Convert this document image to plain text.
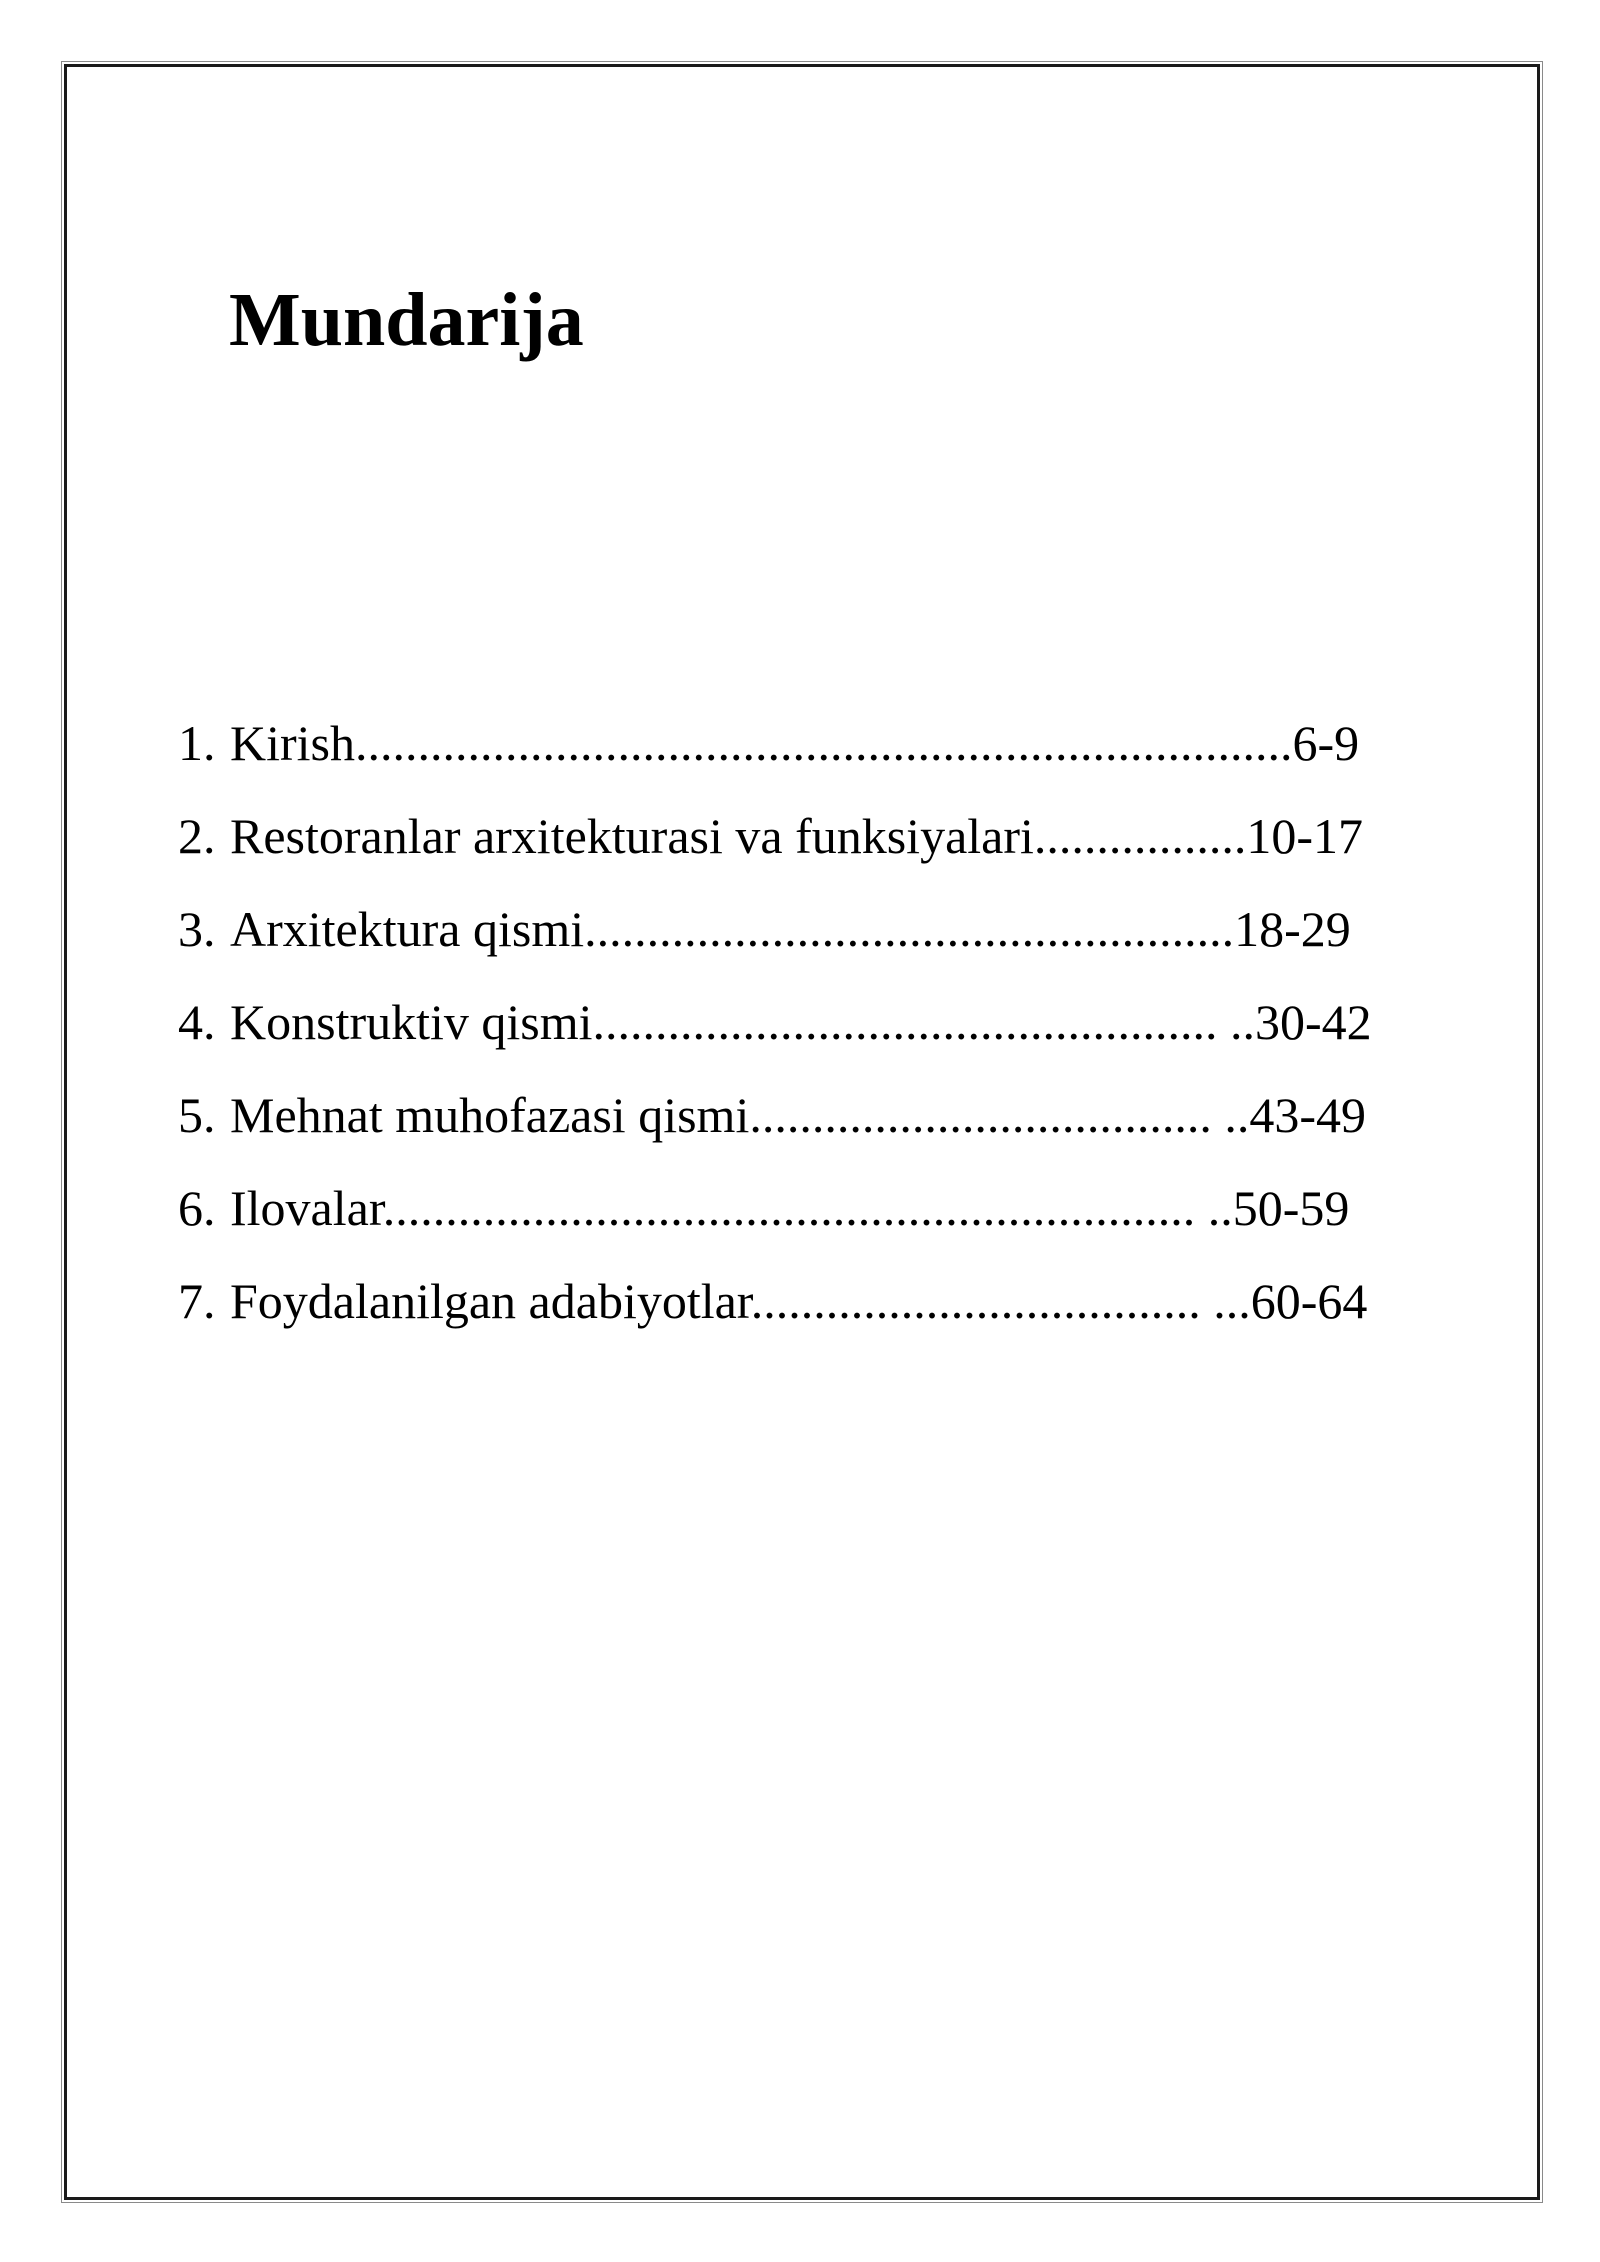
Mundarija
1. Kirish...........................................................................6-9
2. Restoranlar arxitekturasi va funksiyalari.................10-17
3. Arxitektura qismi....................................................18-29
4. Konstruktiv qismi.................................................. ..30-42
5. Mehnat muhofazasi qismi..................................... ..43-49
6. Ilovalar................................................................. ..50-59
7. Foydalanilgan adabiyotlar.................................... ...60-64
